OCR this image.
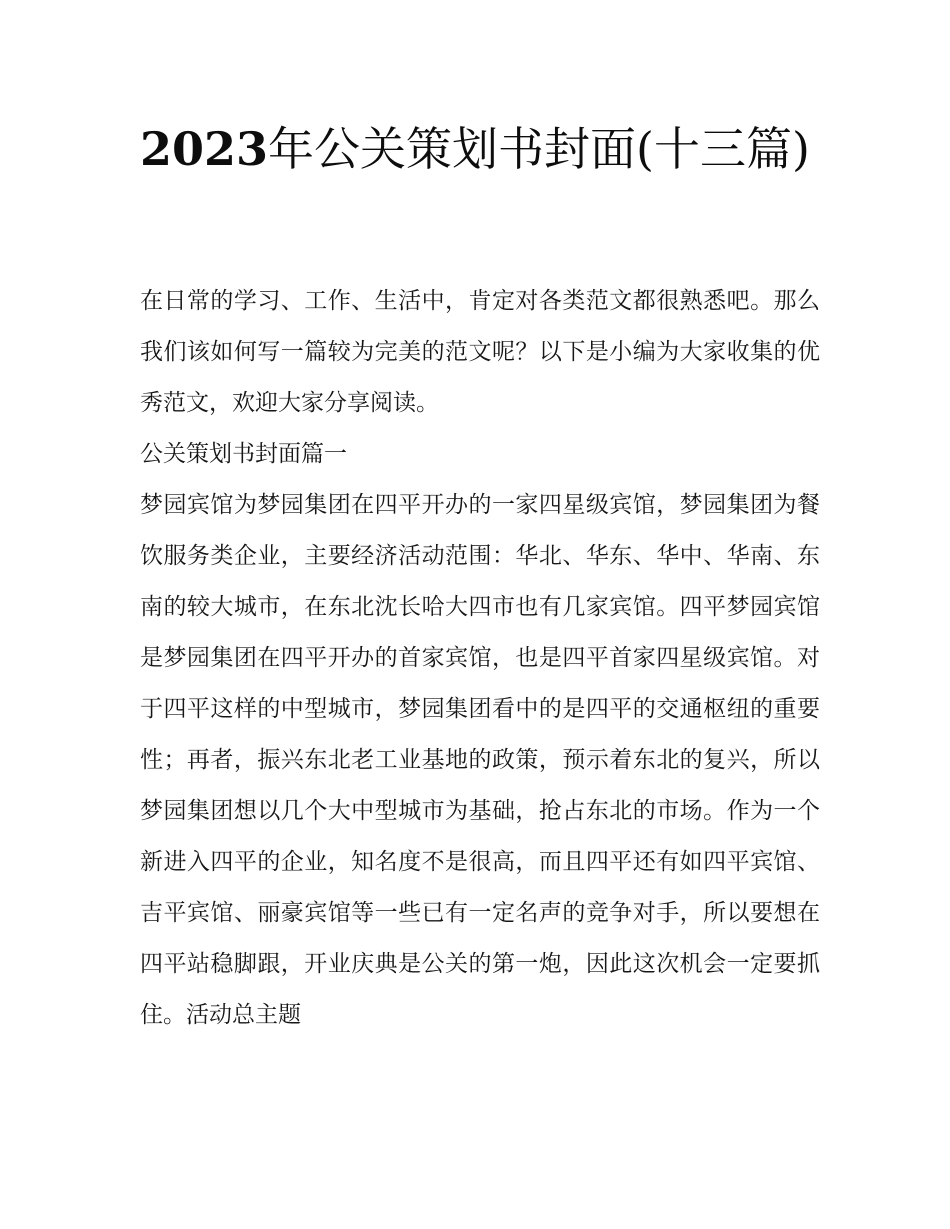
2023年公关策划书封面(十三篇)

在日常的学习、工作、生活中，肯定对各类范文都很熟悉吧。那么我们该如何写一篇较为完美的范文呢？以下是小编为大家收集的优秀范文，欢迎大家分享阅读。

公关策划书封面篇一

梦园宾馆为梦园集团在四平开办的一家四星级宾馆，梦园集团为餐饮服务类企业，主要经济活动范围：华北、华东、华中、华南、东南的较大城市，在东北沈长哈大四市也有几家宾馆。四平梦园宾馆是梦园集团在四平开办的首家宾馆，也是四平首家四星级宾馆。对于四平这样的中型城市，梦园集团看中的是四平的交通枢纽的重要性；再者，振兴东北老工业基地的政策，预示着东北的复兴，所以梦园集团想以几个大中型城市为基础，抢占东北的市场。作为一个新进入四平的企业，知名度不是很高，而且四平还有如四平宾馆、吉平宾馆、丽豪宾馆等一些已有一定名声的竞争对手，所以要想在四平站稳脚跟，开业庆典是公关的第一炮，因此这次机会一定要抓住。活动总主题
